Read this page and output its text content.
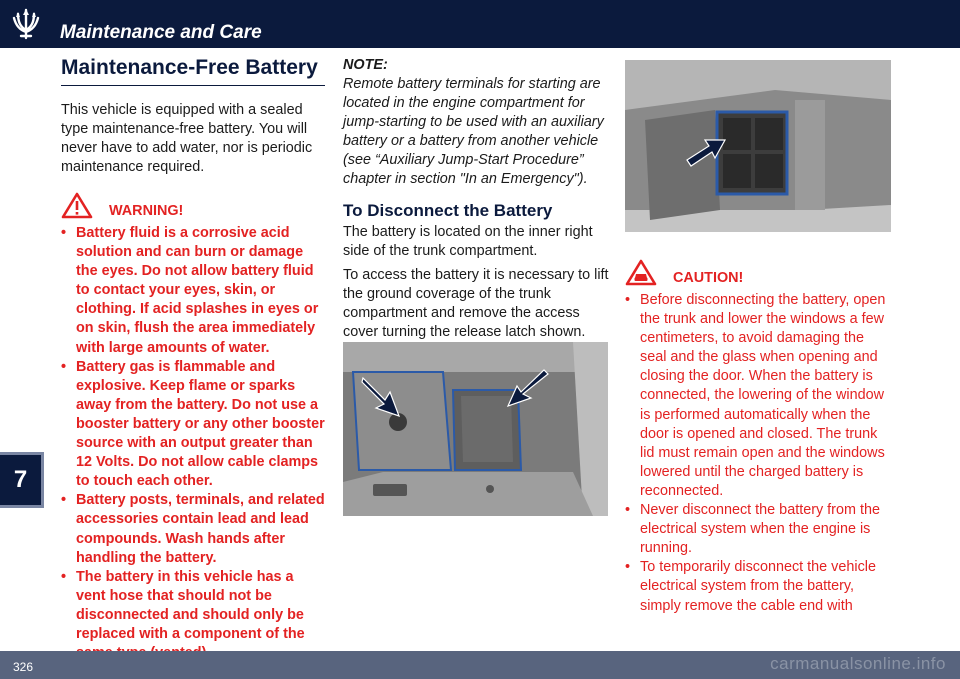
Maintenance and Care
7
Maintenance-Free Battery

This vehicle is equipped with a sealed type maintenance-free battery. You will never have to add water, nor is periodic maintenance required.

WARNING!
• Battery fluid is a corrosive acid solution and can burn or damage the eyes. Do not allow battery fluid to contact your eyes, skin, or clothing. If acid splashes in eyes or on skin, flush the area immediately with large amounts of water.
• Battery gas is flammable and explosive. Keep flame or sparks away from the battery. Do not use a booster battery or any other booster source with an output greater than 12 Volts. Do not allow cable clamps to touch each other.
• Battery posts, terminals, and related accessories contain lead and lead compounds. Wash hands after handling the battery.
• The battery in this vehicle has a vent hose that should not be disconnected and should only be replaced with a component of the
NOTE:
Remote battery terminals for starting are located in the engine compartment for jump-starting to be used with an auxiliary battery or a battery from another vehicle (see “Auxiliary Jump-Start Procedure” chapter in section "In an Emergency").
To Disconnect the Battery

The battery is located on the inner right side of the trunk compartment.

To access the battery it is necessary to lift the ground coverage of the trunk compartment and remove the access cover turning the release latch shown.

CAUTION!
• Before disconnecting the battery, open the trunk and lower the windows a few centimeters, to avoid damaging the seal and the glass when opening and closing the door. When the battery is connected, the lowering of the window is performed automatically when the door is opened and closed. The trunk lid must remain open and the windows lowered until the charged battery is reconnected.
• Never disconnect the battery from the electrical system when the engine is running.
• To temporarily disconnect the vehicle electrical system from the battery, simply remove the cable end with
326	carmanualsonline.info
